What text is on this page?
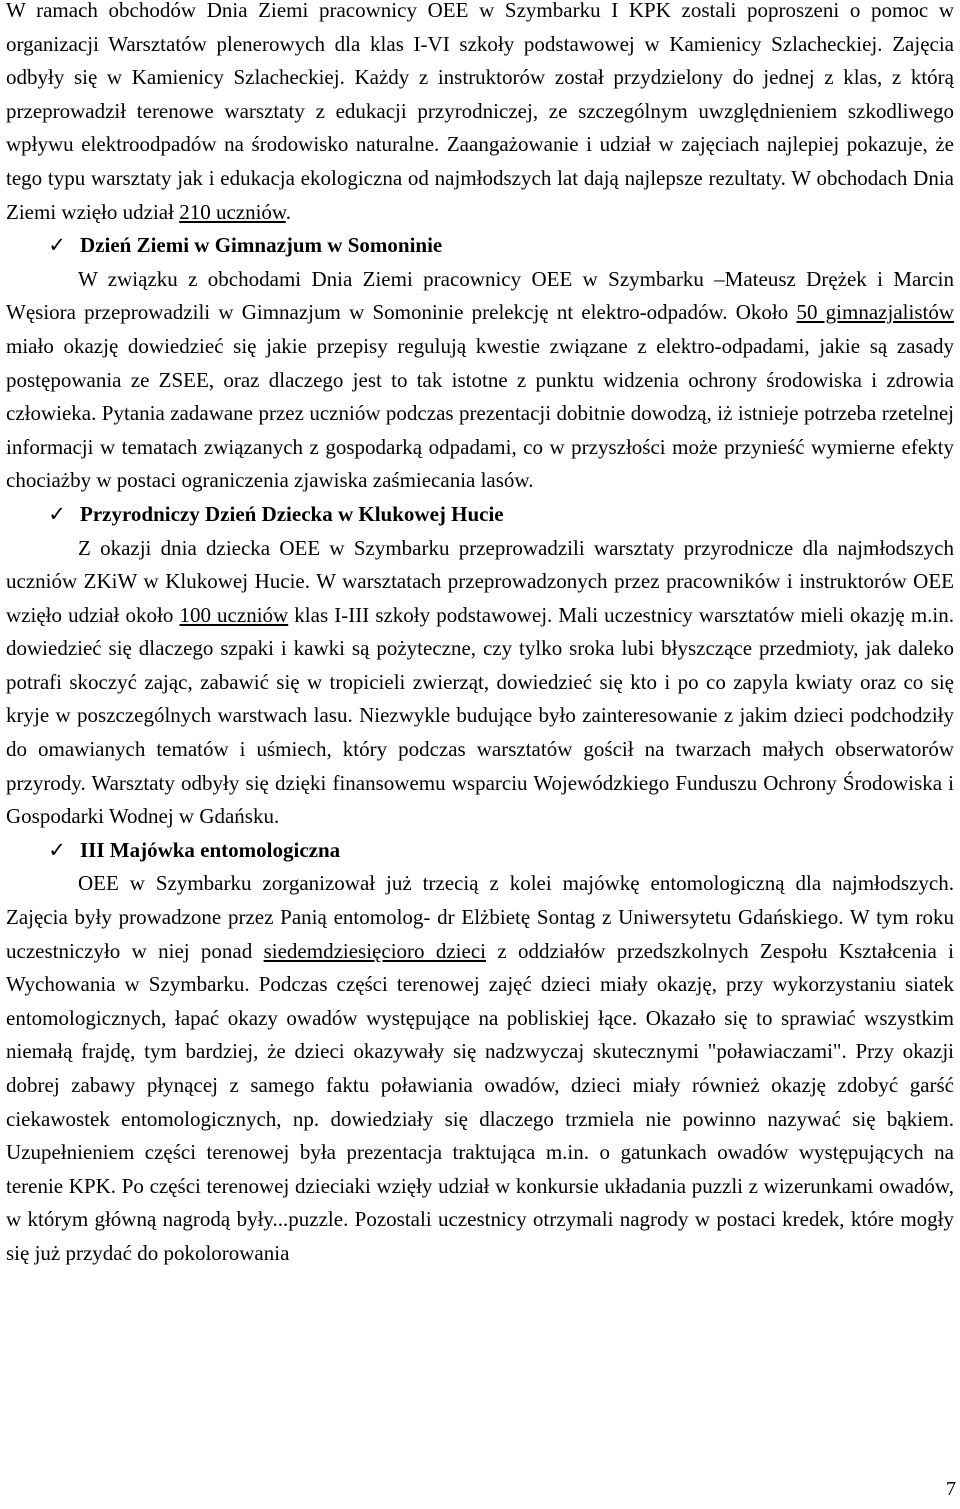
W ramach obchodów Dnia Ziemi pracownicy OEE w Szymbarku I KPK zostali poproszeni o pomoc w organizacji Warsztatów plenerowych dla klas I-VI szkoły podstawowej w Kamienicy Szlacheckiej. Zajęcia odbyły się w Kamienicy Szlacheckiej. Każdy z instruktorów został przydzielony do jednej z klas, z którą przeprowadził terenowe warsztaty z edukacji przyrodniczej, ze szczególnym uwzględnieniem szkodliwego wpływu elektroodpadów na środowisko naturalne. Zaangażowanie i udział w zajęciach najlepiej pokazuje, że tego typu warsztaty jak i edukacja ekologiczna od najmłodszych lat dają najlepsze rezultaty. W obchodach Dnia Ziemi wzięło udział 210 uczniów.

✓ Dzień Ziemi w Gimnazjum w Somoninie

W związku z obchodami Dnia Ziemi pracownicy OEE w Szymbarku –Mateusz Drężek i Marcin Węsiora przeprowadzili w Gimnazjum w Somoninie prelekcję nt elektro-odpadów. Około 50 gimnazjalistów miało okazję dowiedzieć się jakie przepisy regulują kwestie związane z elektro-odpadami, jakie są zasady postępowania ze ZSEE, oraz dlaczego jest to tak istotne z punktu widzenia ochrony środowiska i zdrowia człowieka. Pytania zadawane przez uczniów podczas prezentacji dobitnie dowodzą, iż istnieje potrzeba rzetelnej informacji w tematach związanych z gospodarką odpadami, co w przyszłości może przynieść wymierne efekty chociażby w postaci ograniczenia zjawiska zaśmiecania lasów.

✓ Przyrodniczy Dzień Dziecka w Klukowej Hucie

Z okazji dnia dziecka OEE w Szymbarku przeprowadzili warsztaty przyrodnicze dla najmłodszych uczniów ZKiW w Klukowej Hucie. W warsztatach przeprowadzonych przez pracowników i instruktorów OEE wzięło udział około 100 uczniów klas I-III szkoły podstawowej. Mali uczestnicy warsztatów mieli okazję m.in. dowiedzieć się dlaczego szpaki i kawki są pożyteczne, czy tylko sroka lubi błyszczące przedmioty, jak daleko potrafi skoczyć zając, zabawić się w tropicieli zwierząt, dowiedzieć się kto i po co zapyla kwiaty oraz co się kryje w poszczególnych warstwach lasu. Niezwykle budujące było zainteresowanie z jakim dzieci podchodziły do omawianych tematów i uśmiech, który podczas warsztatów gościł na twarzach małych obserwatorów przyrody. Warsztaty odbyły się dzięki finansowemu wsparciu Wojewódzkiego Funduszu Ochrony Środowiska i Gospodarki Wodnej w Gdańsku.

✓ III Majówka entomologiczna

OEE w Szymbarku zorganizował już trzecią z kolei majówkę entomologiczną dla najmłodszych. Zajęcia były prowadzone przez Panią entomolog- dr Elżbietę Sontag z Uniwersytetu Gdańskiego. W tym roku uczestniczyło w niej ponad siedemdziesięcioro dzieci z oddziałów przedszkolnych Zespołu Kształcenia i Wychowania w Szymbarku. Podczas części terenowej zajęć dzieci miały okazję, przy wykorzystaniu siatek entomologicznych, łapać okazy owadów występujące na pobliskiej łące. Okazało się to sprawiać wszystkim niemałą frajdę, tym bardziej, że dzieci okazywały się nadzwyczaj skutecznymi "poławiaczami". Przy okazji dobrej zabawy płynącej z samego faktu poławiania owadów, dzieci miały również okazję zdobyć garść ciekawostek entomologicznych, np. dowiedziały się dlaczego trzmiela nie powinno nazywać się bąkiem. Uzupełnieniem części terenowej była prezentacja traktująca m.in. o gatunkach owadów występujących na terenie KPK. Po części terenowej dzieciaki wzięły udział w konkursie układania puzzli z wizerunkami owadów, w którym główną nagrodą były...puzzle. Pozostali uczestnicy otrzymali nagrody w postaci kredek, które mogły się już przydać do pokolorowania

7
